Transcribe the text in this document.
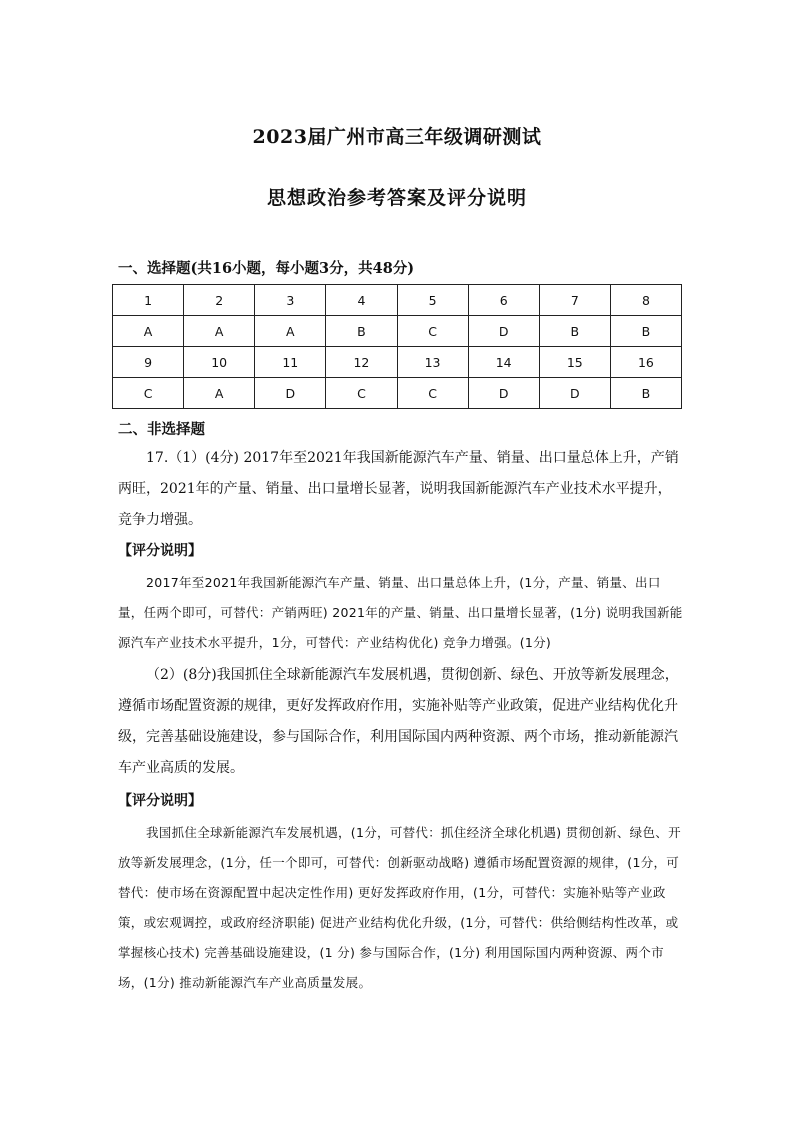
2023届广州市高三年级调研测试
思想政治参考答案及评分说明
一、选择题(共16小题，每小题3分，共48分)
1	2	3	4	5	6	7	8
A	A	A	B	C	D	B	B
9	10	11	12	13	14	15	16
C	A	D	C	C	D	D	B
二、非选择题
17.（1）(4分) 2017年至2021年我国新能源汽车产量、销量、出口量总体上升，产销两旺，2021年的产量、销量、出口量增长显著，说明我国新能源汽车产业技术水平提升，竞争力增强。
【评分说明】
2017年至2021年我国新能源汽车产量、销量、出口量总体上升，(1分，产量、销量、出口量，任两个即可，可替代：产销两旺) 2021年的产量、销量、出口量增长显著，(1分) 说明我国新能源汽车产业技术水平提升，1分，可替代：产业结构优化) 竞争力增强。(1分)
（2）(8分)我国抓住全球新能源汽车发展机遇，贯彻创新、绿色、开放等新发展理念，遵循市场配置资源的规律，更好发挥政府作用，实施补贴等产业政策，促进产业结构优化升级，完善基础设施建设，参与国际合作，利用国际国内两种资源、两个市场，推动新能源汽车产业高质的发展。
【评分说明】
我国抓住全球新能源汽车发展机遇，(1分，可替代：抓住经济全球化机遇) 贯彻创新、绿色、开放等新发展理念，(1分，任一个即可，可替代：创新驱动战略) 遵循市场配置资源的规律，(1分，可替代：使市场在资源配置中起决定性作用) 更好发挥政府作用，(1分，可替代：实施补贴等产业政策，或宏观调控，或政府经济职能) 促进产业结构优化升级，(1分，可替代：供给侧结构性改革，或掌握核心技术) 完善基础设施建设，(1 分) 参与国际合作，(1分) 利用国际国内两种资源、两个市场，(1分) 推动新能源汽车产业高质量发展。
